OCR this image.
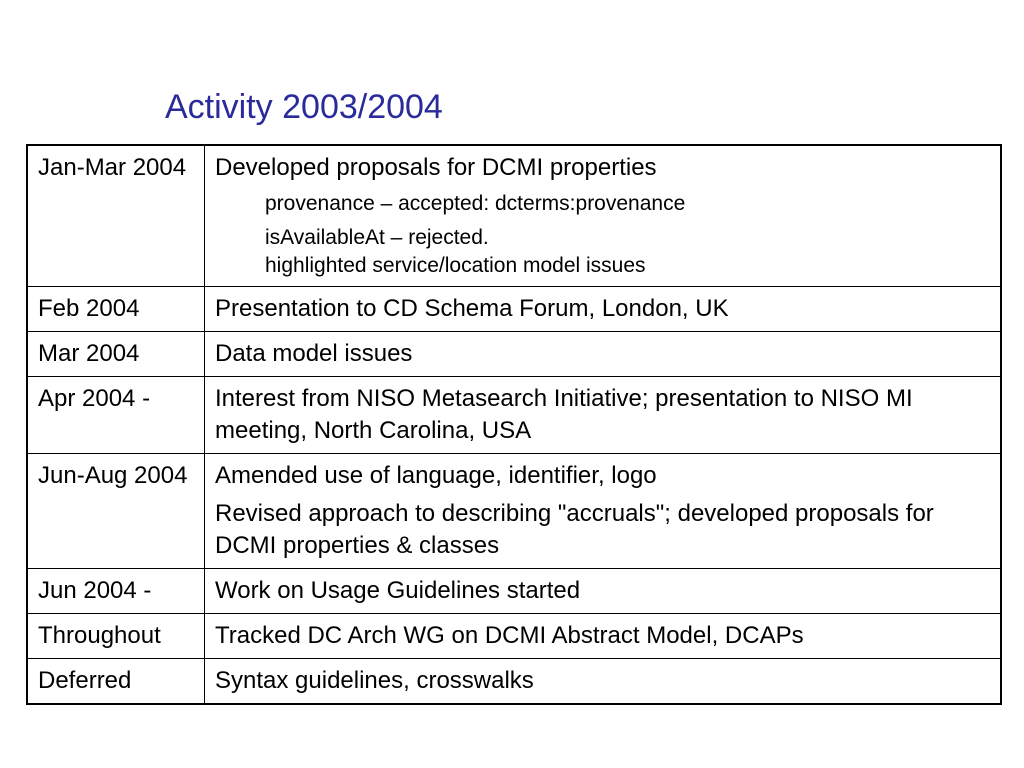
Activity 2003/2004
Jan-Mar 2004	Developed proposals for DCMI properties
provenance – accepted: dcterms:provenance
isAvailableAt – rejected.
highlighted service/location model issues

Feb 2004	Presentation to CD Schema Forum, London, UK

Mar 2004	Data model issues

Apr 2004 -	Interest from NISO Metasearch Initiative; presentation to NISO MI meeting, North Carolina, USA

Jun-Aug 2004	Amended use of language, identifier, logo
Revised approach to describing "accruals"; developed proposals for DCMI properties & classes

Jun 2004 -	Work on Usage Guidelines started

Throughout	Tracked DC Arch WG on DCMI Abstract Model, DCAPs

Deferred	Syntax guidelines, crosswalks
